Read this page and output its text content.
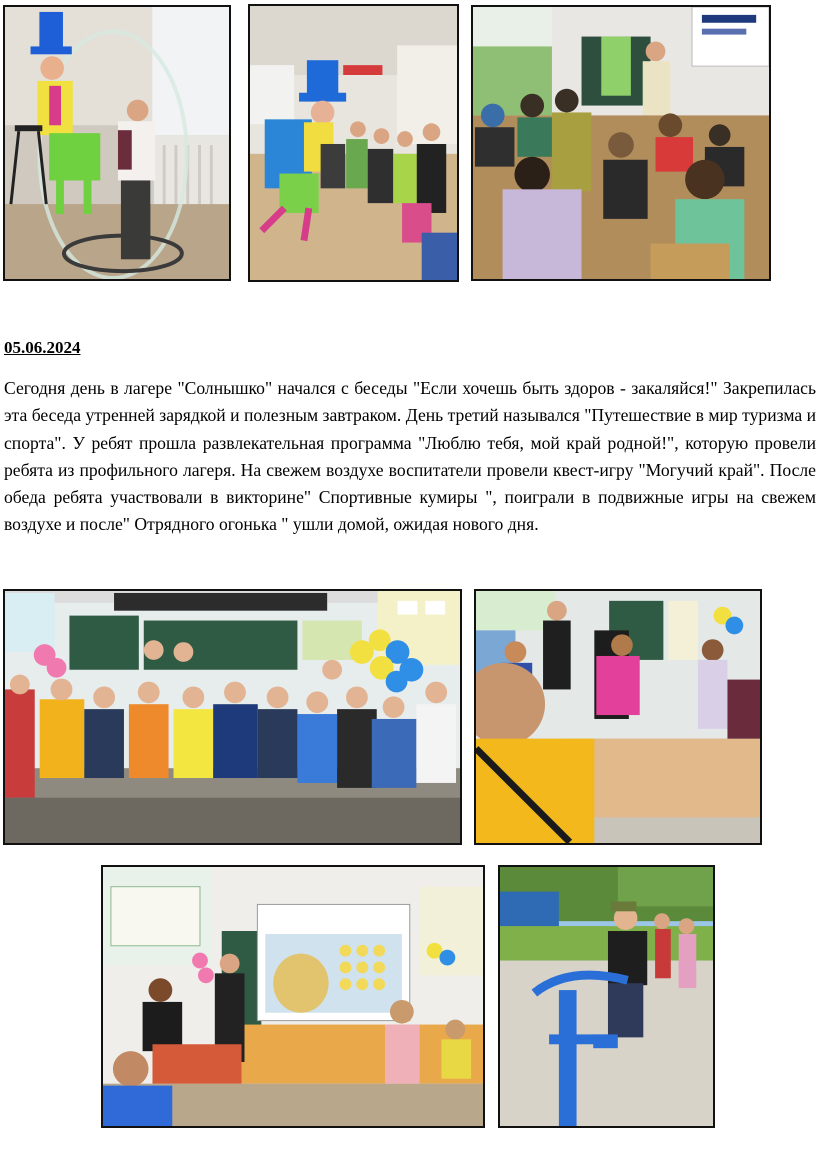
05.06.2024

Сегодня день в лагере "Солнышко" начался с беседы "Если хочешь быть здоров - закаляйся!" Закрепилась эта беседа утренней зарядкой и полезным завтраком. День третий назывался "Путешествие в мир туризма и спорта". У ребят прошла развлекательная программа "Люблю тебя, мой край родной!", которую провели ребята из профильного лагеря. На свежем воздухе воспитатели провели квест-игру "Могучий край". После обеда ребята участвовали в викторине" Спортивные кумиры ", поиграли в подвижные игры на свежем воздухе и после" Отрядного огонька " ушли домой, ожидая нового дня.
